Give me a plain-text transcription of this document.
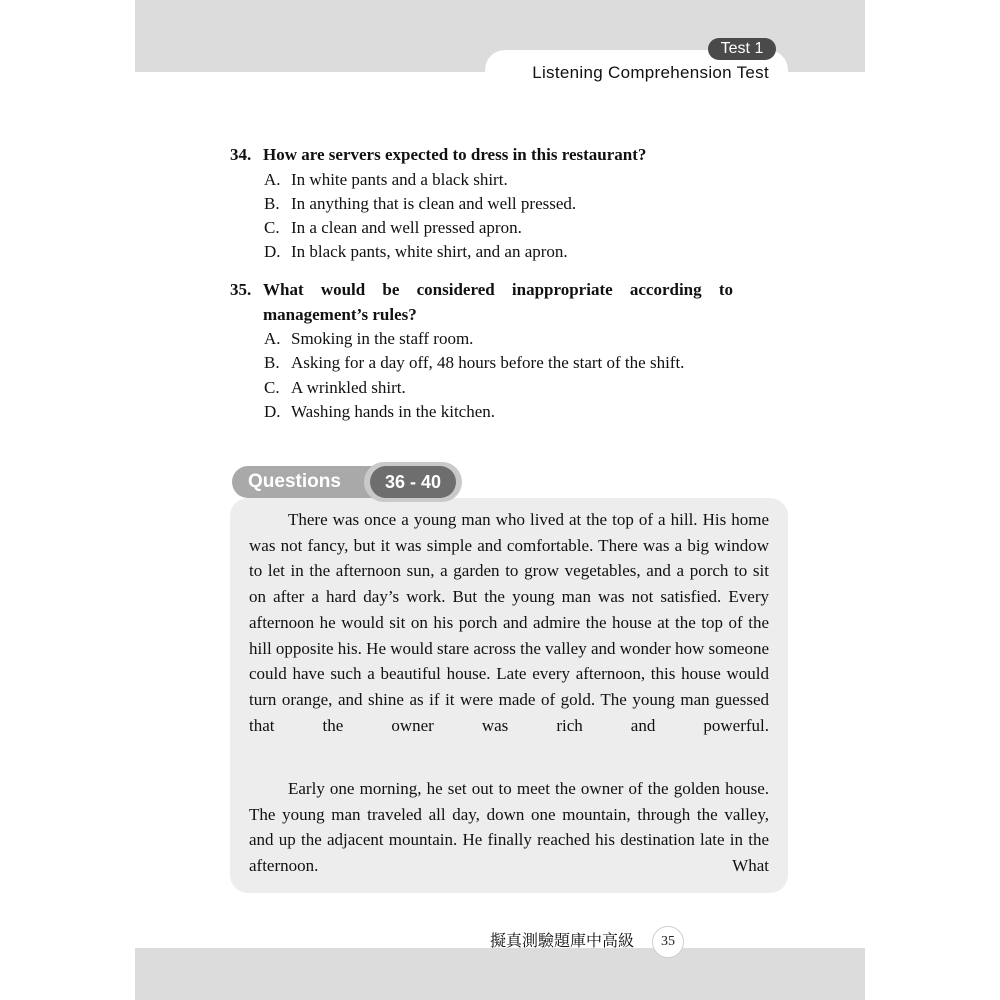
Test 1
Listening Comprehension Test
34. How are servers expected to dress in this restaurant?
A. In white pants and a black shirt.
B. In anything that is clean and well pressed.
C. In a clean and well pressed apron.
D. In black pants, white shirt, and an apron.
35. What would be considered inappropriate according to management’s rules?
A. Smoking in the staff room.
B. Asking for a day off, 48 hours before the start of the shift.
C. A wrinkled shirt.
D. Washing hands in the kitchen.
Questions	36 - 40

There was once a young man who lived at the top of a hill. His home was not fancy, but it was simple and comfortable. There was a big window to let in the afternoon sun, a garden to grow vegetables, and a porch to sit on after a hard day’s work. But the young man was not satisfied. Every afternoon he would sit on his porch and admire the house at the top of the hill opposite his. He would stare across the valley and wonder how someone could have such a beautiful house. Late every afternoon, this house would turn orange, and shine as if it were made of gold. The young man guessed that the owner was rich and powerful.

Early one morning, he set out to meet the owner of the golden house. The young man traveled all day, down one mountain, through the valley, and up the adjacent mountain. He finally reached his destination late in the afternoon. What

擬真測驗題庫中高級	35
